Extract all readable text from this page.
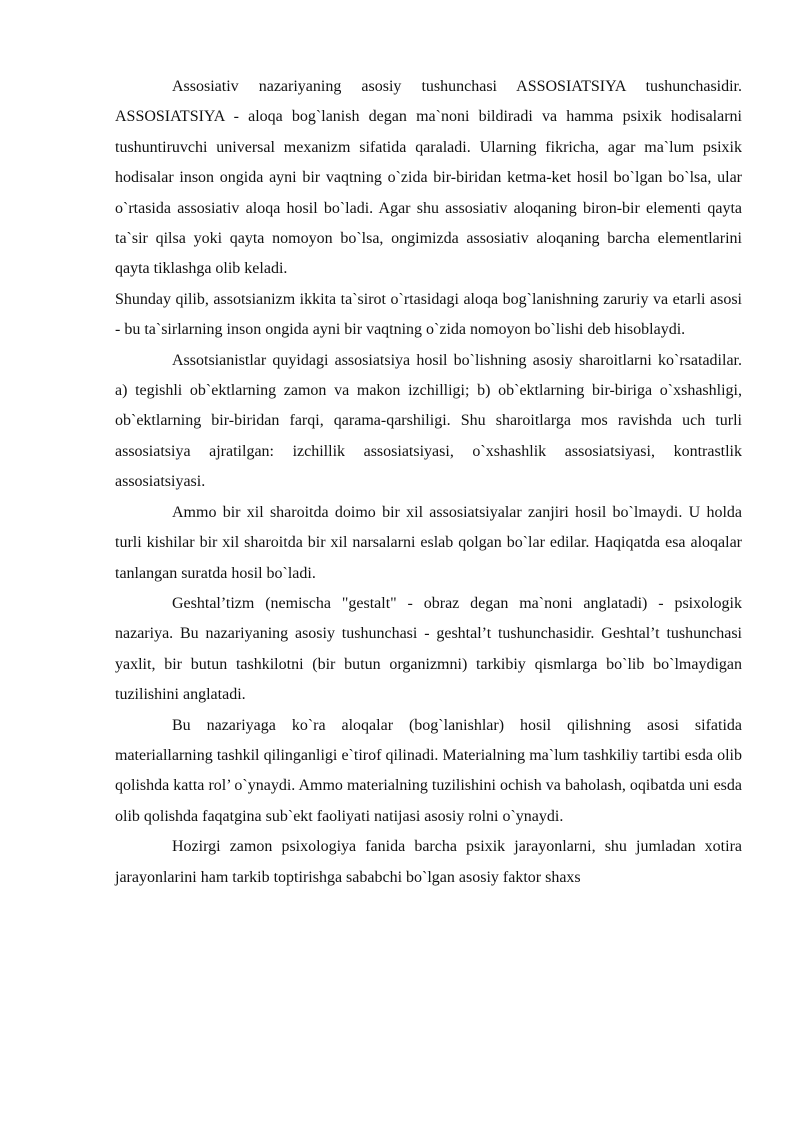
Assosiativ nazariyaning asosiy tushunchasi ASSOSIATSIYA tushunchasidir. ASSOSIATSIYA - aloqa bog`lanish degan ma`noni bildiradi va hamma psixik hodisalarni tushuntiruvchi universal mexanizm sifatida qaraladi. Ularning fikricha, agar ma`lum psixik hodisalar inson ongida ayni bir vaqtning o`zida bir-biridan ketma-ket hosil bo`lgan bo`lsa, ular o`rtasida assosiativ aloqa hosil bo`ladi. Agar shu assosiativ aloqaning biron-bir elementi qayta ta`sir qilsa yoki qayta nomoyon bo`lsa, ongimizda assosiativ aloqaning barcha elementlarini qayta tiklashga olib keladi.

Shunday qilib, assotsianizm ikkita ta`sirot o`rtasidagi aloqa bog`lanishning zaruriy va etarli asosi - bu ta`sirlarning inson ongida ayni bir vaqtning o`zida nomoyon bo`lishi deb hisoblaydi.

Assotsianistlar quyidagi assosiatsiya hosil bo`lishning asosiy sharoitlarni ko`rsatadilar. a) tegishli ob`ektlarning zamon va makon izchilligi; b) ob`ektlarning bir-biriga o`xshashligi, ob`ektlarning bir-biridan farqi, qarama-qarshiligi. Shu sharoitlarga mos ravishda uch turli assosiatsiya ajratilgan: izchillik assosiatsiyasi, o`xshashlik assosiatsiyasi, kontrastlik assosiatsiyasi.

Ammo bir xil sharoitda doimo bir xil assosiatsiyalar zanjiri hosil bo`lmaydi. U holda turli kishilar bir xil sharoitda bir xil narsalarni eslab qolgan bo`lar edilar. Haqiqatda esa aloqalar tanlangan suratda hosil bo`ladi.

Geshtal’tizm (nemischa "gestalt" - obraz degan ma`noni anglatadi) - psixologik nazariya. Bu nazariyaning asosiy tushunchasi - geshtal’t tushunchasidir. Geshtal’t tushunchasi yaxlit, bir butun tashkilotni (bir butun organizmni) tarkibiy qismlarga bo`lib bo`lmaydigan tuzilishini anglatadi.

Bu nazariyaga ko`ra aloqalar (bog`lanishlar) hosil qilishning asosi sifatida materiallarning tashkil qilinganligi e`tirof qilinadi. Materialning ma`lum tashkiliy tartibi esda olib qolishda katta rol’ o`ynaydi. Ammo materialning tuzilishini ochish va baholash, oqibatda uni esda olib qolishda faqatgina sub`ekt faoliyati natijasi asosiy rolni o`ynaydi.

Hozirgi zamon psixologiya fanida barcha psixik jarayonlarni, shu jumladan xotira jarayonlarini ham tarkib toptirishga sababchi bo`lgan asosiy faktor shaxs
